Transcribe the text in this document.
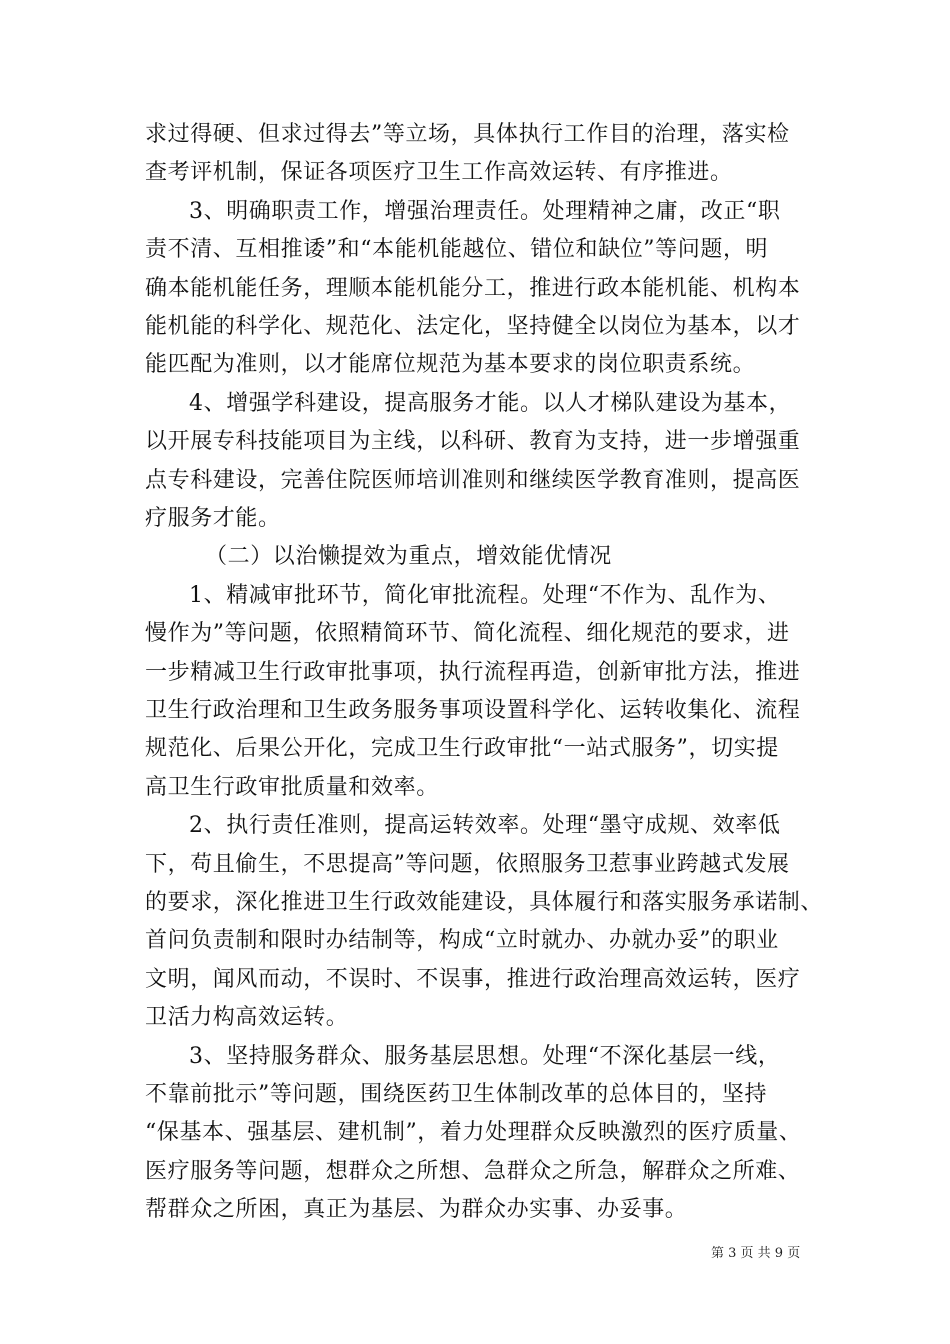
求过得硬、但求过得去”等立场，具体执行工作目的治理，落实检
查考评机制，保证各项医疗卫生工作高效运转、有序推进。
3、明确职责工作，增强治理责任。处理精神之庸，改正“职
责不清、互相推诿”和“本能机能越位、错位和缺位”等问题，明
确本能机能任务，理顺本能机能分工，推进行政本能机能、机构本
能机能的科学化、规范化、法定化，坚持健全以岗位为基本，以才
能匹配为准则，以才能席位规范为基本要求的岗位职责系统。
4、增强学科建设，提高服务才能。以人才梯队建设为基本，
以开展专科技能项目为主线，以科研、教育为支持，进一步增强重
点专科建设，完善住院医师培训准则和继续医学教育准则，提高医
疗服务才能。
（二）以治懒提效为重点，增效能优情况
1、精减审批环节，简化审批流程。处理“不作为、乱作为、
慢作为”等问题，依照精简环节、简化流程、细化规范的要求，进
一步精减卫生行政审批事项，执行流程再造，创新审批方法，推进
卫生行政治理和卫生政务服务事项设置科学化、运转收集化、流程
规范化、后果公开化，完成卫生行政审批“一站式服务”，切实提
高卫生行政审批质量和效率。
2、执行责任准则，提高运转效率。处理“墨守成规、效率低
下，苟且偷生，不思提高”等问题，依照服务卫惹事业跨越式发展
的要求，深化推进卫生行政效能建设，具体履行和落实服务承诺制、
首问负责制和限时办结制等，构成“立时就办、办就办妥”的职业
文明，闻风而动，不误时、不误事，推进行政治理高效运转，医疗
卫活力构高效运转。
3、坚持服务群众、服务基层思想。处理“不深化基层一线，
不靠前批示”等问题，围绕医药卫生体制改革的总体目的，坚持
“保基本、强基层、建机制”，着力处理群众反映激烈的医疗质量、
医疗服务等问题，想群众之所想、急群众之所急，解群众之所难、
帮群众之所困，真正为基层、为群众办实事、办妥事。
第 3 页 共 9 页
